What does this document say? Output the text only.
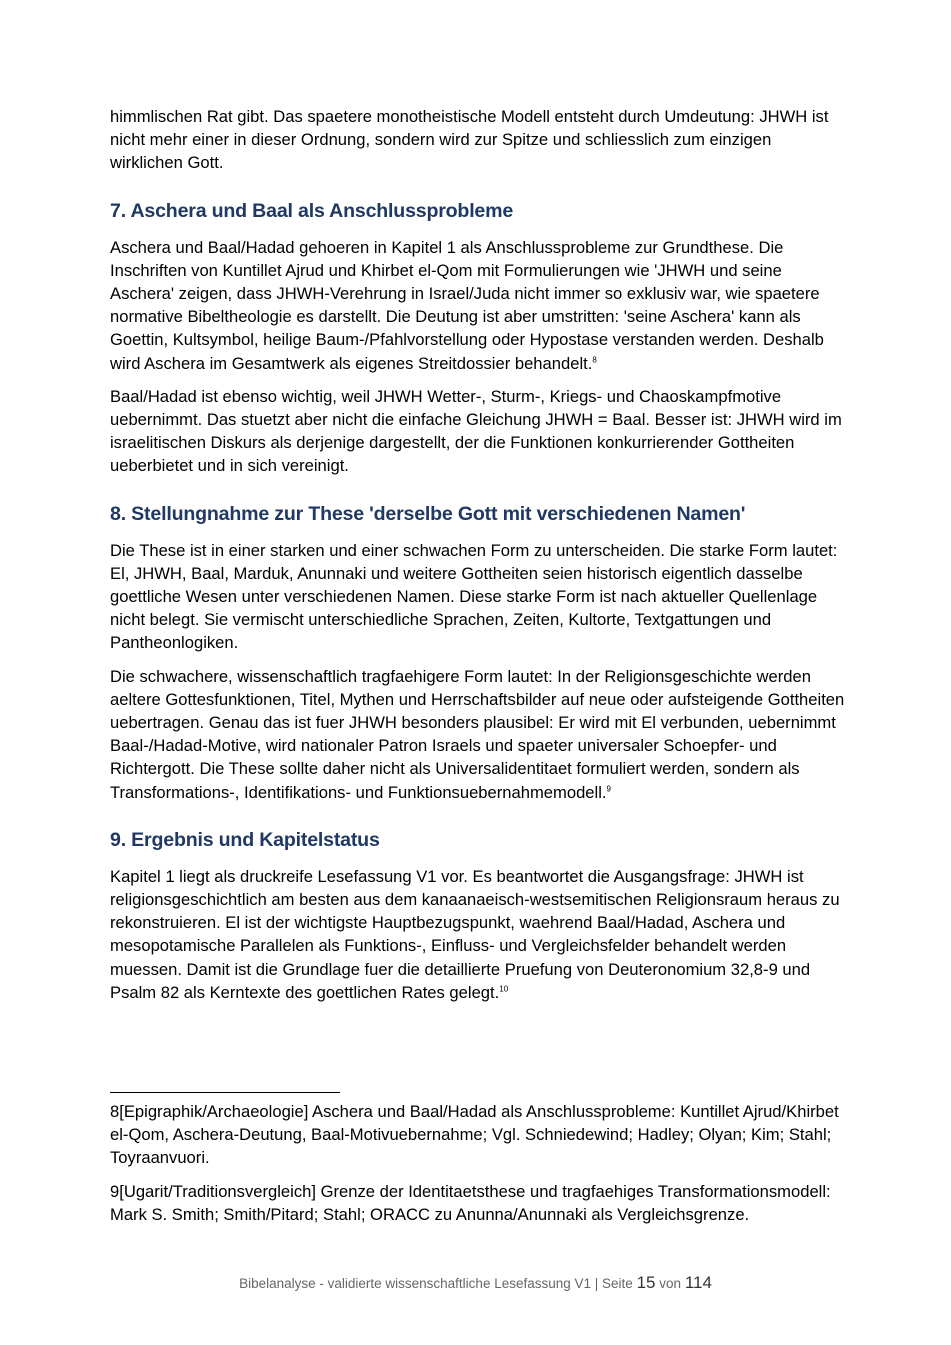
himmlischen Rat gibt. Das spaetere monotheistische Modell entsteht durch Umdeutung: JHWH ist nicht mehr einer in dieser Ordnung, sondern wird zur Spitze und schliesslich zum einzigen wirklichen Gott.

7. Aschera und Baal als Anschlussprobleme

Aschera und Baal/Hadad gehoeren in Kapitel 1 als Anschlussprobleme zur Grundthese. Die Inschriften von Kuntillet Ajrud und Khirbet el-Qom mit Formulierungen wie 'JHWH und seine Aschera' zeigen, dass JHWH-Verehrung in Israel/Juda nicht immer so exklusiv war, wie spaetere normative Bibeltheologie es darstellt. Die Deutung ist aber umstritten: 'seine Aschera' kann als Goettin, Kultsymbol, heilige Baum-/Pfahlvorstellung oder Hypostase verstanden werden. Deshalb wird Aschera im Gesamtwerk als eigenes Streitdossier behandelt.$^8$

Baal/Hadad ist ebenso wichtig, weil JHWH Wetter-, Sturm-, Kriegs- und Chaoskampfmotive uebernimmt. Das stuetzt aber nicht die einfache Gleichung JHWH = Baal. Besser ist: JHWH wird im israelitischen Diskurs als derjenige dargestellt, der die Funktionen konkurrierender Gottheiten ueberbietet und in sich vereinigt.

8. Stellungnahme zur These 'derselbe Gott mit verschiedenen Namen'

Die These ist in einer starken und einer schwachen Form zu unterscheiden. Die starke Form lautet: El, JHWH, Baal, Marduk, Anunnaki und weitere Gottheiten seien historisch eigentlich dasselbe goettliche Wesen unter verschiedenen Namen. Diese starke Form ist nach aktueller Quellenlage nicht belegt. Sie vermischt unterschiedliche Sprachen, Zeiten, Kultorte, Textgattungen und Pantheonlogiken.

Die schwachere, wissenschaftlich tragfaehigere Form lautet: In der Religionsgeschichte werden aeltere Gottesfunktionen, Titel, Mythen und Herrschaftsbilder auf neue oder aufsteigende Gottheiten uebertragen. Genau das ist fuer JHWH besonders plausibel: Er wird mit El verbunden, uebernimmt Baal-/Hadad-Motive, wird nationaler Patron Israels und spaeter universaler Schoepfer- und Richtergott. Die These sollte daher nicht als Universalidentitaet formuliert werden, sondern als Transformations-, Identifikations- und Funktionsuebernahmemodell.$^9$

9. Ergebnis und Kapitelstatus

Kapitel 1 liegt als druckreife Lesefassung V1 vor. Es beantwortet die Ausgangsfrage: JHWH ist religionsgeschichtlich am besten aus dem kanaanaeisch-westsemitischen Religionsraum heraus zu rekonstruieren. El ist der wichtigste Hauptbezugspunkt, waehrend Baal/Hadad, Aschera und mesopotamische Parallelen als Funktions-, Einfluss- und Vergleichsfelder behandelt werden muessen. Damit ist die Grundlage fuer die detaillierte Pruefung von Deuteronomium 32,8-9 und Psalm 82 als Kerntexte des goettlichen Rates gelegt.$^{10}$

8[Epigraphik/Archaeologie] Aschera und Baal/Hadad als Anschlussprobleme: Kuntillet Ajrud/Khirbet el-Qom, Aschera-Deutung, Baal-Motivuebernahme; Vgl. Schniedewind; Hadley; Olyan; Kim; Stahl; Toyraanvuori.

9[Ugarit/Traditionsvergleich] Grenze der Identitaetsthese und tragfaehiges Transformationsmodell: Mark S. Smith; Smith/Pitard; Stahl; ORACC zu Anunna/Anunnaki als Vergleichsgrenze.

Bibelanalyse - validierte wissenschaftliche Lesefassung V1 | Seite 15 von 114
